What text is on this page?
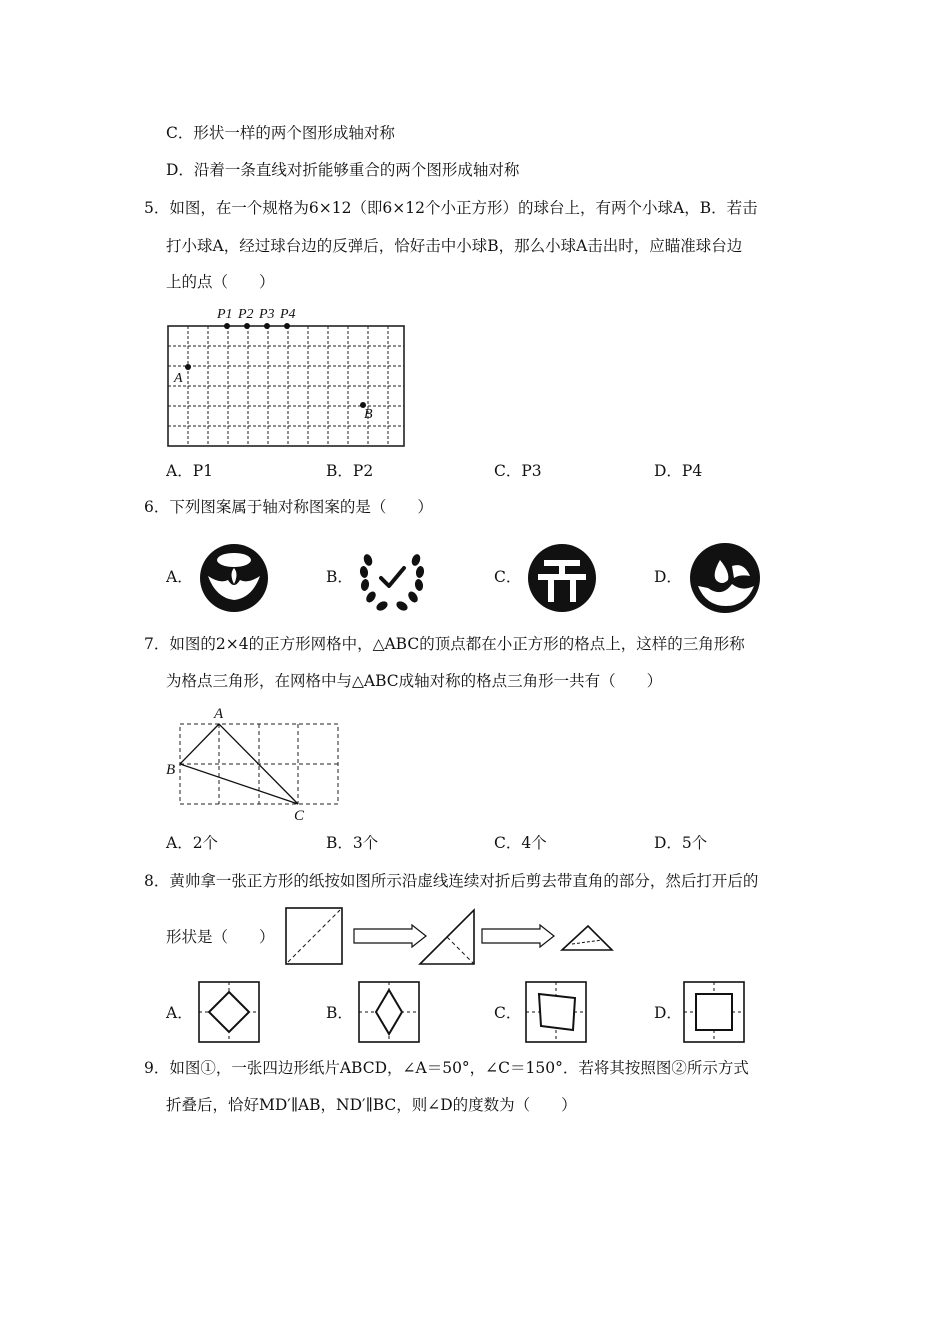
C．形状一样的两个图形成轴对称
D．沿着一条直线对折能够重合的两个图形成轴对称
5．如图，在一个规格为6×12（即6×12个小正方形）的球台上，有两个小球A，B．若击
打小球A，经过球台边的反弹后，恰好击中小球B，那么小球A击出时，应瞄准球台边
上的点（　　）
P1 P2 P3 P4
A
B
A．P1	B．P2	C．P3	D．P4
6．下列图案属于轴对称图案的是（　　）
A．	B．	C．	D．
7．如图的2×4的正方形网格中，△ABC的顶点都在小正方形的格点上，这样的三角形称
为格点三角形，在网格中与△ABC成轴对称的格点三角形一共有（　　）
A
B
C
A．2个	B．3个	C．4个	D．5个
8．黄帅拿一张正方形的纸按如图所示沿虚线连续对折后剪去带直角的部分，然后打开后的
形状是（　　）
A．	B．	C．	D．
9．如图①，一张四边形纸片ABCD，∠A＝50°，∠C＝150°．若将其按照图②所示方式
折叠后，恰好MD′∥AB，ND′∥BC，则∠D的度数为（　　）
